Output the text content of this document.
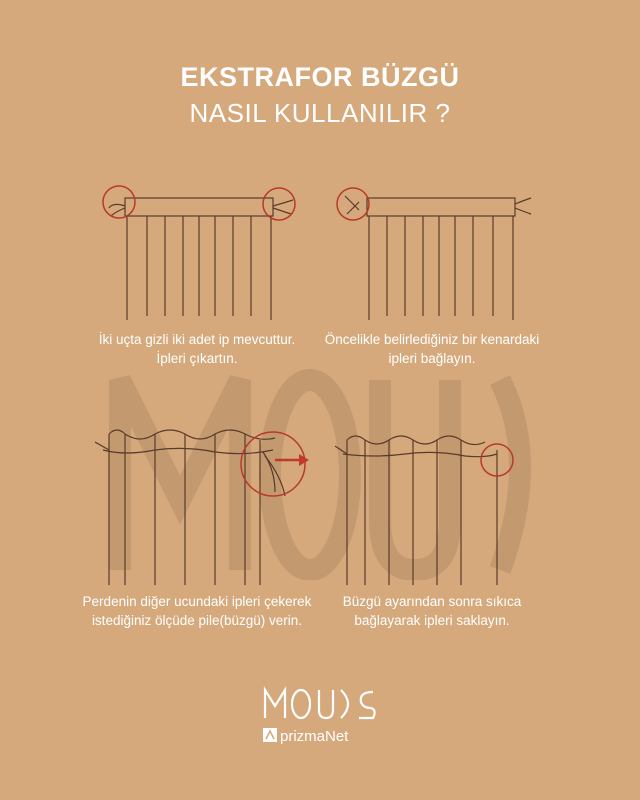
EKSTRAFOR BÜZGÜ
NASIL KULLANILIR ?
İki uçta gizli iki adet ip mevcuttur.
İpleri çıkartın.
Öncelikle belirlediğiniz bir kenardaki
ipleri bağlayın.
Perdenin diğer ucundaki ipleri çekerek
istediğiniz ölçüde pile(büzgü) verin.
Büzgü ayarından sonra sıkıca
bağlayarak ipleri saklayın.
prizmaNet
